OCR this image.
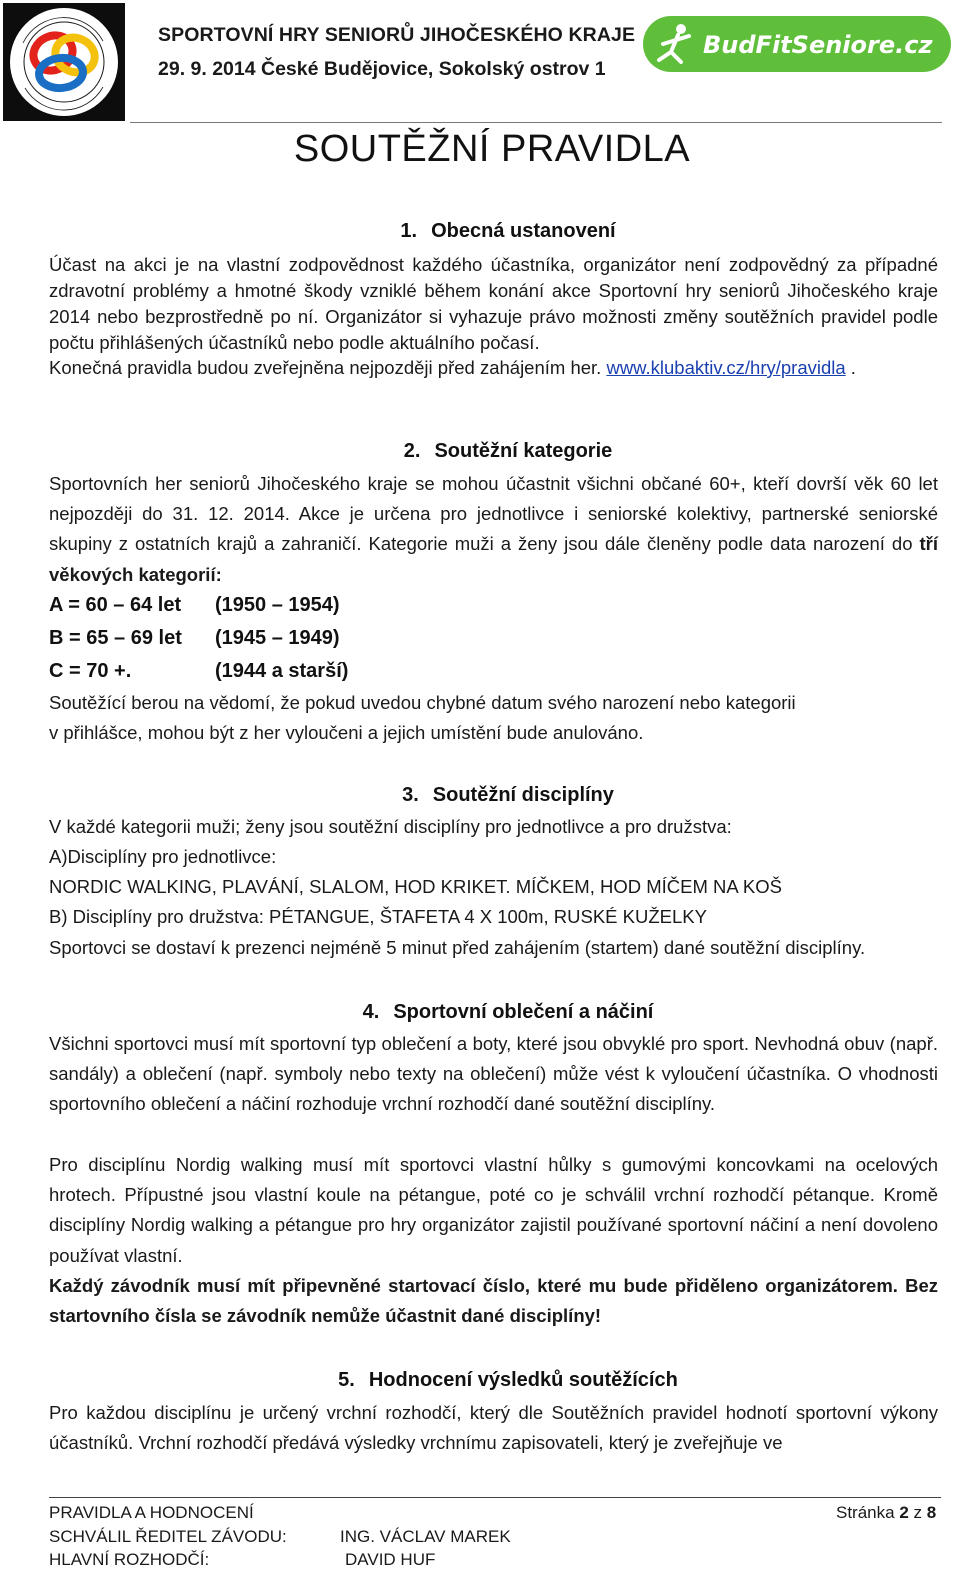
SPORTOVNÍ HRY SENIORŮ JIHOČESKÉHO KRAJE
29. 9. 2014 České Budějovice, Sokolský ostrov 1
BudFitSeniore.cz
SOUTĚŽNÍ PRAVIDLA
1. Obecná ustanovení

Účast na akci je na vlastní zodpovědnost každého účastníka, organizátor není zodpovědný za případné zdravotní problémy a hmotné škody vzniklé během konání akce Sportovní hry seniorů Jihočeského kraje 2014 nebo bezprostředně po ní. Organizátor si vyhazuje právo možnosti změny soutěžních pravidel podle počtu přihlášených účastníků nebo podle aktuálního počasí.

Konečná pravidla budou zveřejněna nejpozději před zahájením her. www.klubaktiv.cz/hry/pravidla .
2. Soutěžní kategorie

Sportovních her seniorů Jihočeského kraje se mohou účastnit všichni občané 60+, kteří dovrší věk 60 let nejpozději do 31. 12. 2014. Akce je určena pro jednotlivce i seniorské kolektivy, partnerské seniorské skupiny z ostatních krajů a zahraničí. Kategorie muži a ženy jsou dále členěny podle data narození do tří věkových kategorií:

A = 60 – 64 let (1950 – 1954)
B = 65 – 69 let (1945 – 1949)
C = 70 +.	(1944 a starší)
Soutěžící berou na vědomí, že pokud uvedou chybné datum svého narození nebo kategorii
v přihlášce, mohou být z her vyloučeni a jejich umístění bude anulováno.
3. Soutěžní disciplíny
V každé kategorii muži; ženy jsou soutěžní disciplíny pro jednotlivce a pro družstva:
A)Disciplíny pro jednotlivce:
NORDIC WALKING, PLAVÁNÍ, SLALOM, HOD KRIKET. MÍČKEM, HOD MÍČEM NA KOŠ
B) Disciplíny pro družstva: PÉTANGUE, ŠTAFETA 4 X 100m, RUSKÉ KUŽELKY
Sportovci se dostaví k prezenci nejméně 5 minut před zahájením (startem) dané soutěžní disciplíny.
4. Sportovní oblečení a náčiní

Všichni sportovci musí mít sportovní typ oblečení a boty, které jsou obvyklé pro sport. Nevhodná obuv (např. sandály) a oblečení (např. symboly nebo texty na oblečení) může vést k vyloučení účastníka. O vhodnosti sportovního oblečení a náčiní rozhoduje vrchní rozhodčí dané soutěžní disciplíny.

Pro disciplínu Nordig walking musí mít sportovci vlastní hůlky s gumovými koncovkami na ocelových hrotech. Přípustné jsou vlastní koule na pétangue, poté co je schválil vrchní rozhodčí pétanque. Kromě disciplíny Nordig walking a pétangue pro hry organizátor zajistil používané sportovní náčiní a není dovoleno používat vlastní.

Každý závodník musí mít připevněné startovací číslo, které mu bude přiděleno organizátorem. Bez startovního čísla se závodník nemůže účastnit dané disciplíny!

5. Hodnocení výsledků soutěžících

Pro každou disciplínu je určený vrchní rozhodčí, který dle Soutěžních pravidel hodnotí sportovní výkony účastníků. Vrchní rozhodčí předává výsledky vrchnímu zapisovateli, který je zveřejňuje ve

PRAVIDLA A HODNOCENÍ
SCHVÁLIL ŘEDITEL ZÁVODU:
HLAVNÍ ROZHODČÍ:
ING. VÁCLAV MAREK
DAVID HUF
Stránka 2 z 8
